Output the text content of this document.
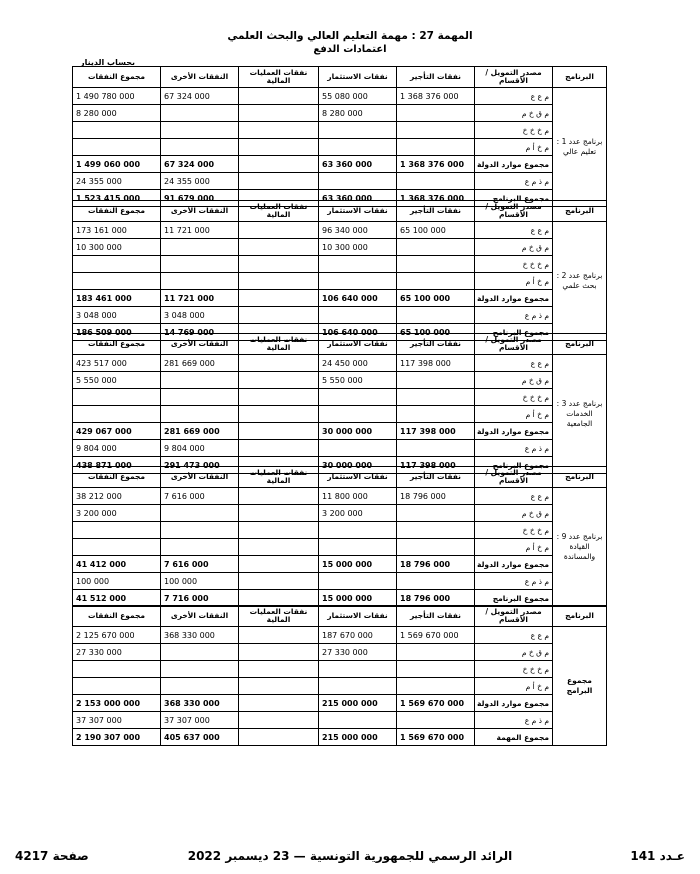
المهمة 27 : مهمة التعليم العالي والبحث العلمي
اعتمادات الدفع
بحساب الدينار
البرنامج	مصدر التمويل / الأقسام	نفقات التأجير	نفقات الاستثمار	نفقات العمليات المالية	النفقات الأخرى	مجموع النفقات
برنامج عدد 1 : تعليم عالي	م ع ع	1 368 376 000	55 080 000		67 324 000	1 490 780 000
	م ق خ م		8 280 000			8 280 000
	م خ خ خ					
	م خ أ م					
	مجموع موارد الدولة	1 368 376 000	63 360 000		67 324 000	1 499 060 000
	م ذ م ع				24 355 000	24 355 000
	مجموع البرنامج	1 368 376 000	63 360 000		91 679 000	1 523 415 000
البرنامج	مصدر التمويل / الأقسام	نفقات التأجير	نفقات الاستثمار	نفقات العمليات المالية	النفقات الأخرى	مجموع النفقات
برنامج عدد 2 : بحث علمي	م ع ع	65 100 000	96 340 000		11 721 000	173 161 000
	م ق خ م		10 300 000			10 300 000
	م خ خ خ					
	م خ أ م					
	مجموع موارد الدولة	65 100 000	106 640 000		11 721 000	183 461 000
	م ذ م ع				3 048 000	3 048 000
	مجموع البرنامج	65 100 000	106 640 000		14 769 000	186 509 000
البرنامج	مصدر التمويل / الأقسام	نفقات التأجير	نفقات الاستثمار	نفقات العمليات المالية	النفقات الأخرى	مجموع النفقات
برنامج عدد 3 : الخدمات الجامعية	م ع ع	117 398 000	24 450 000		281 669 000	423 517 000
	م ق خ م		5 550 000			5 550 000
	م خ خ خ					
	م خ أ م					
	مجموع موارد الدولة	117 398 000	30 000 000		281 669 000	429 067 000
	م ذ م ع				9 804 000	9 804 000
	مجموع البرنامج	117 398 000	30 000 000		291 473 000	438 871 000
البرنامج	مصدر التمويل / الأقسام	نفقات التأجير	نفقات الاستثمار	نفقات العمليات المالية	النفقات الأخرى	مجموع النفقات
برنامج عدد 9 : القيادة والمساندة	م ع ع	18 796 000	11 800 000		7 616 000	38 212 000
	م ق خ م		3 200 000			3 200 000
	م خ خ خ					
	م خ أ م					
	مجموع موارد الدولة	18 796 000	15 000 000		7 616 000	41 412 000
	م ذ م ع				100 000	100 000
	مجموع البرنامج	18 796 000	15 000 000		7 716 000	41 512 000
البرنامج	مصدر التمويل / الأقسام	نفقات التأجير	نفقات الاستثمار	نفقات العمليات المالية	النفقات الأخرى	مجموع النفقات
مجموع البرامج	م ع ع	1 569 670 000	187 670 000		368 330 000	2 125 670 000
	م ق خ م		27 330 000			27 330 000
	م خ خ خ					
	م خ أ م					
	مجموع موارد الدولة	1 569 670 000	215 000 000		368 330 000	2 153 000 000
	م ذ م ع				37 307 000	37 307 000
	مجموع المهمة	1 569 670 000	215 000 000		405 637 000	2 190 307 000
صفحة 4217	الرائد الرسمي للجمهورية التونسية — 23 ديسمبر 2022	عـدد 141
